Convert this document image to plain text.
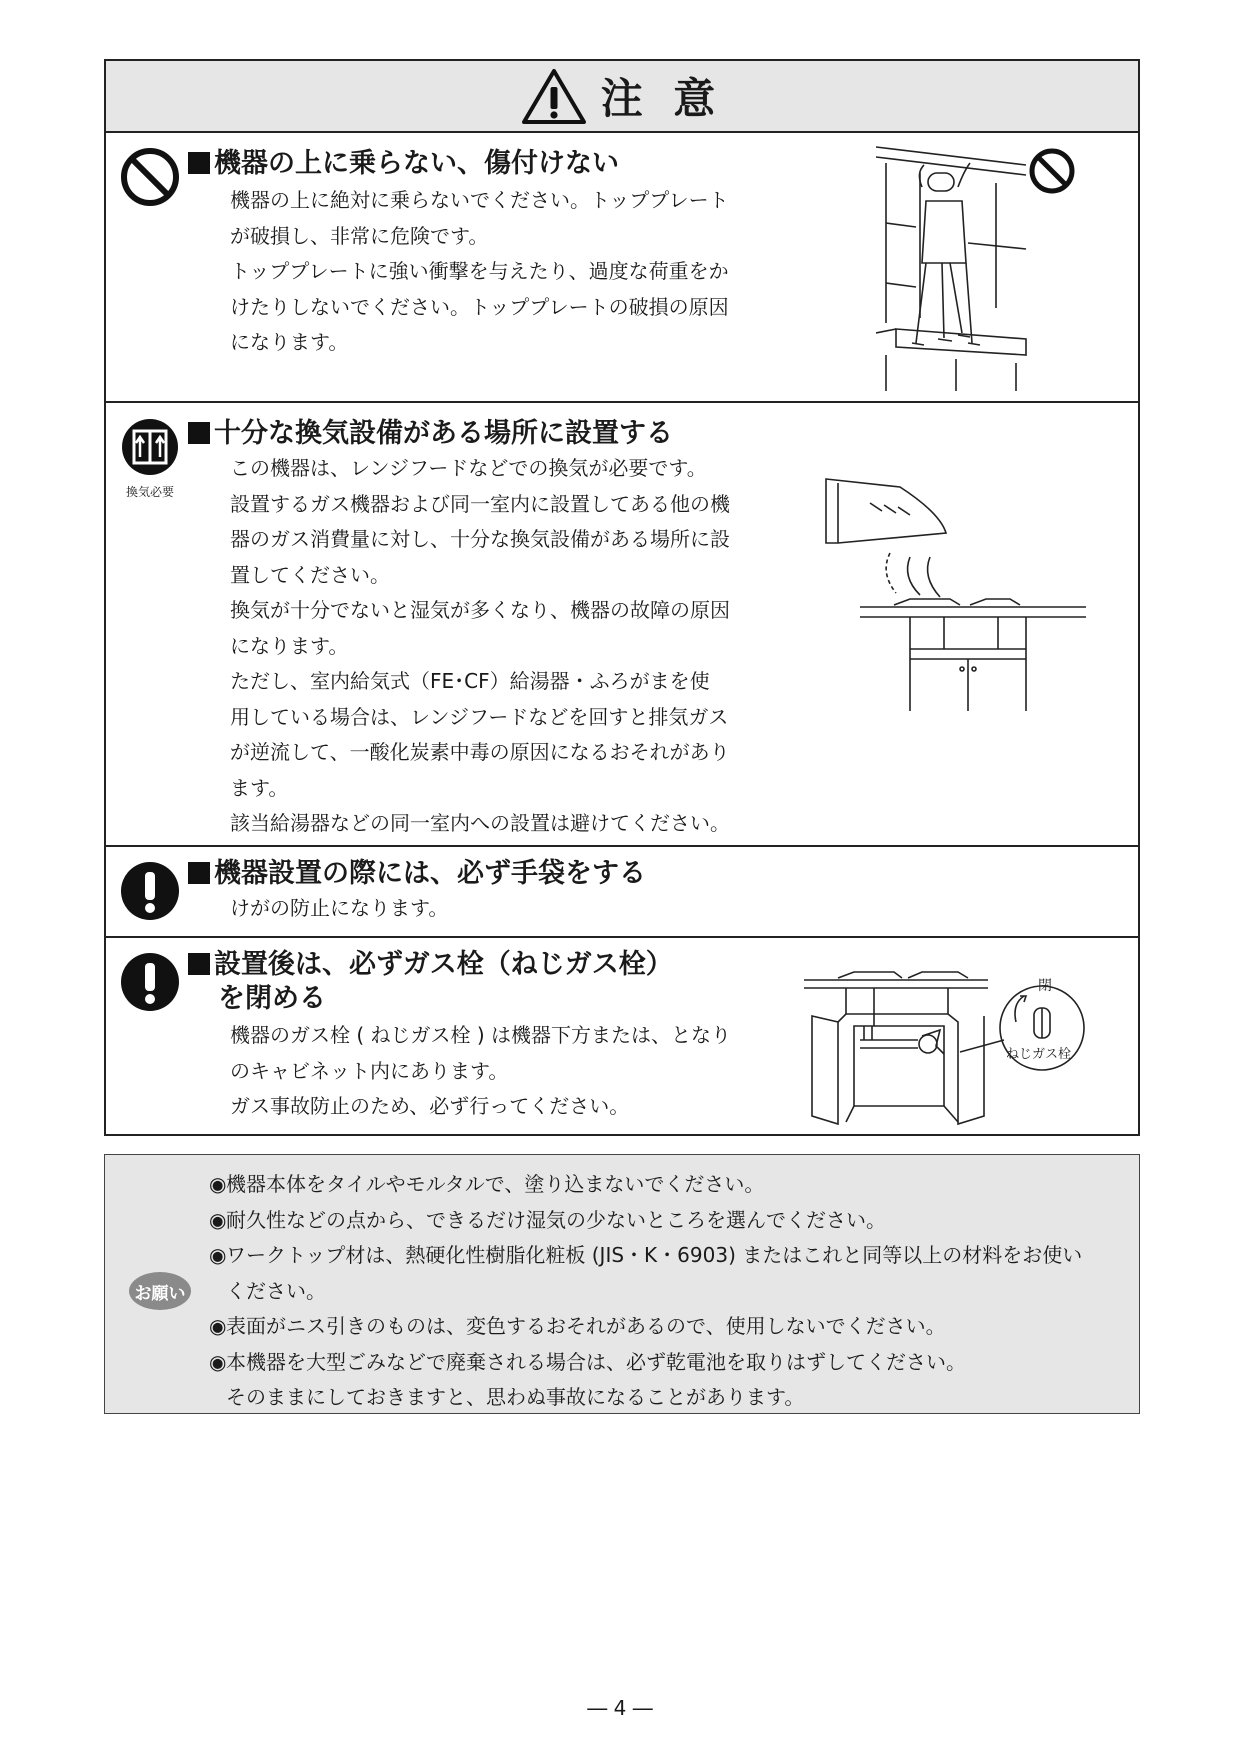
注 意
機器の上に乗らない、傷付けない

機器の上に絶対に乗らないでください。トッププレート

が破損し、非常に危険です。

トッププレートに強い衝撃を与えたり、過度な荷重をか

けたりしないでください。トッププレートの破損の原因

になります。

換気必要
十分な換気設備がある場所に設置する

この機器は、レンジフードなどでの換気が必要です。

設置するガス機器および同一室内に設置してある他の機

器のガス消費量に対し、十分な換気設備がある場所に設

置してください。

換気が十分でないと湿気が多くなり、機器の故障の原因

になります。

ただし、室内給気式（FE･CF）給湯器・ふろがまを使

用している場合は、レンジフードなどを回すと排気ガス

が逆流して、一酸化炭素中毒の原因になるおそれがあり

ます。

該当給湯器などの同一室内への設置は避けてください。

機器設置の際には、必ず手袋をする

けがの防止になります。

設置後は、必ずガス栓（ねじガス栓）
を閉める

機器のガス栓 ( ねじガス栓 ) は機器下方または、となり

のキャビネット内にあります。

ガス事故防止のため、必ず行ってください。

閉
ねじガス栓
お願い
◉機器本体をタイルやモルタルで、塗り込まないでください。
◉耐久性などの点から、できるだけ湿気の少ないところを選んでください。
◉ワークトップ材は、熱硬化性樹脂化粧板 (JIS・K・6903) またはこれと同等以上の材料をお使い
ください。
◉表面がニス引きのものは、変色するおそれがあるので、使用しないでください。
◉本機器を大型ごみなどで廃棄される場合は、必ず乾電池を取りはずしてください。
そのままにしておきますと、思わぬ事故になることがあります。
― 4 ―
